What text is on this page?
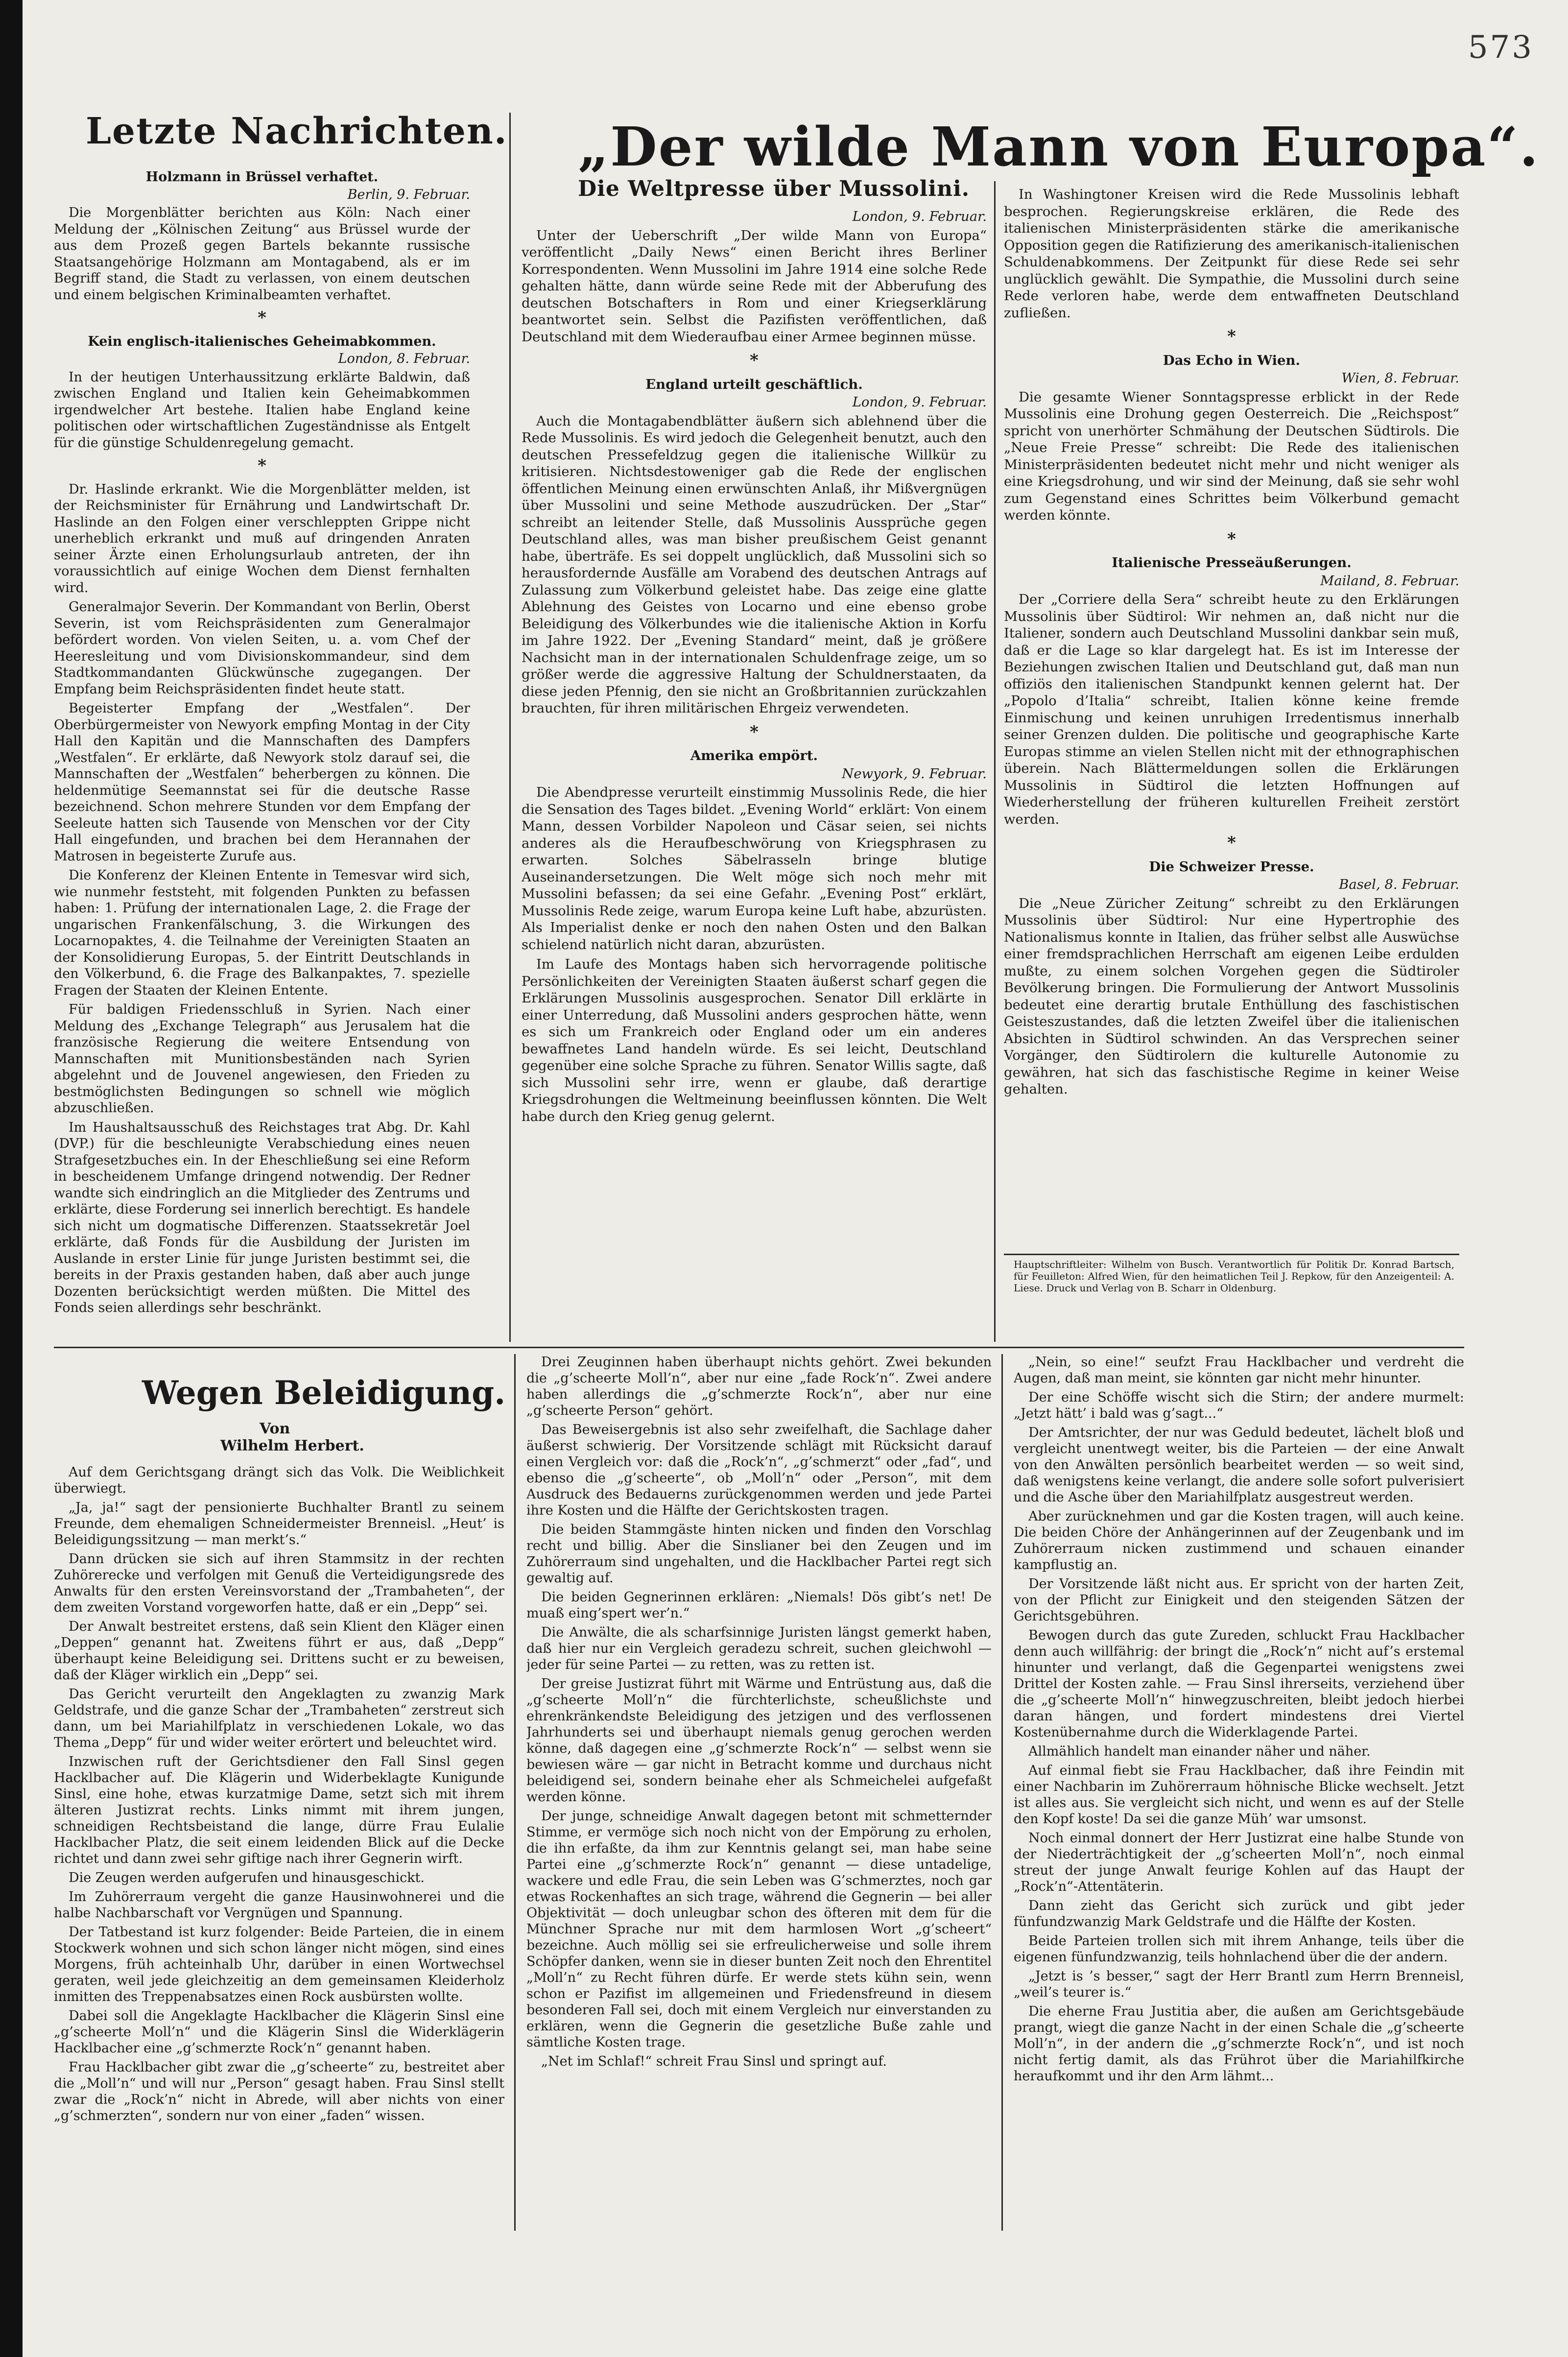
573
Letzte Nachrichten.
Holzmann in Brüssel verhaftet.
Berlin, 9. Februar.

Die Morgenblätter berichten aus Köln: Nach einer Meldung der „Kölnischen Zeitung“ aus Brüssel wurde der aus dem Prozeß gegen Bartels bekannte russische Staatsangehörige Holzmann am Montagabend, als er im Begriff stand, die Stadt zu verlassen, von einem deutschen und einem belgischen Kriminalbeamten verhaftet.

*
Kein englisch-italienisches Geheimabkommen.
London, 8. Februar.

In der heutigen Unterhaussitzung erklärte Baldwin, daß zwischen England und Italien kein Geheimabkommen irgendwelcher Art bestehe. Italien habe England keine politischen oder wirtschaftlichen Zugeständnisse als Entgelt für die günstige Schuldenregelung gemacht.

*

Dr. Haslinde erkrankt. Wie die Morgenblätter melden, ist der Reichsminister für Ernährung und Landwirtschaft Dr. Haslinde an den Folgen einer verschleppten Grippe nicht unerheblich erkrankt und muß auf dringenden Anraten seiner Ärzte einen Erholungsurlaub antreten, der ihn voraussichtlich auf einige Wochen dem Dienst fernhalten wird.

Generalmajor Severin. Der Kommandant von Berlin, Oberst Severin, ist vom Reichspräsidenten zum Generalmajor befördert worden. Von vielen Seiten, u. a. vom Chef der Heeresleitung und vom Divisionskommandeur, sind dem Stadtkommandanten Glückwünsche zugegangen. Der Empfang beim Reichspräsidenten findet heute statt.

Begeisterter Empfang der „Westfalen“. Der Oberbürgermeister von Newyork empfing Montag in der City Hall den Kapitän und die Mannschaften des Dampfers „Westfalen“. Er erklärte, daß Newyork stolz darauf sei, die Mannschaften der „Westfalen“ beherbergen zu können. Die heldenmütige Seemannstat sei für die deutsche Rasse bezeichnend. Schon mehrere Stunden vor dem Empfang der Seeleute hatten sich Tausende von Menschen vor der City Hall eingefunden, und brachen bei dem Herannahen der Matrosen in begeisterte Zurufe aus.

Die Konferenz der Kleinen Entente in Temesvar wird sich, wie nunmehr feststeht, mit folgenden Punkten zu befassen haben: 1. Prüfung der internationalen Lage, 2. die Frage der ungarischen Frankenfälschung, 3. die Wirkungen des Locarnopaktes, 4. die Teilnahme der Vereinigten Staaten an der Konsolidierung Europas, 5. der Eintritt Deutschlands in den Völkerbund, 6. die Frage des Balkanpaktes, 7. spezielle Fragen der Staaten der Kleinen Entente.

Für baldigen Friedensschluß in Syrien. Nach einer Meldung des „Exchange Telegraph“ aus Jerusalem hat die französische Regierung die weitere Entsendung von Mannschaften mit Munitionsbeständen nach Syrien abgelehnt und de Jouvenel angewiesen, den Frieden zu bestmöglichsten Bedingungen so schnell wie möglich abzuschließen.

Im Haushaltsausschuß des Reichstages trat Abg. Dr. Kahl (DVP.) für die beschleunigte Verabschiedung eines neuen Strafgesetzbuches ein. In der Eheschließung sei eine Reform in bescheidenem Umfange dringend notwendig. Der Redner wandte sich eindringlich an die Mitglieder des Zentrums und erklärte, diese Forderung sei innerlich berechtigt. Es handele sich nicht um dogmatische Differenzen. Staatssekretär Joel erklärte, daß Fonds für die Ausbildung der Juristen im Auslande in erster Linie für junge Juristen bestimmt sei, die bereits in der Praxis gestanden haben, daß aber auch junge Dozenten berücksichtigt werden müßten. Die Mittel des Fonds seien allerdings sehr beschränkt.

„Der wilde Mann von Europa“.
Die Weltpresse über Mussolini.
London, 9. Februar.

Unter der Ueberschrift „Der wilde Mann von Europa“ veröffentlicht „Daily News“ einen Bericht ihres Berliner Korrespondenten. Wenn Mussolini im Jahre 1914 eine solche Rede gehalten hätte, dann würde seine Rede mit der Abberufung des deutschen Botschafters in Rom und einer Kriegserklärung beantwortet sein. Selbst die Pazifisten veröffentlichen, daß Deutschland mit dem Wiederaufbau einer Armee beginnen müsse.

*
England urteilt geschäftlich.
London, 9. Februar.

Auch die Montagabendblätter äußern sich ablehnend über die Rede Mussolinis. Es wird jedoch die Gelegenheit benutzt, auch den deutschen Pressefeldzug gegen die italienische Willkür zu kritisieren. Nichtsdestoweniger gab die Rede der englischen öffentlichen Meinung einen erwünschten Anlaß, ihr Mißvergnügen über Mussolini und seine Methode auszudrücken. Der „Star“ schreibt an leitender Stelle, daß Mussolinis Aussprüche gegen Deutschland alles, was man bisher preußischem Geist genannt habe, überträfe. Es sei doppelt unglücklich, daß Mussolini sich so herausfordernde Ausfälle am Vorabend des deutschen Antrags auf Zulassung zum Völkerbund geleistet habe. Das zeige eine glatte Ablehnung des Geistes von Locarno und eine ebenso grobe Beleidigung des Völkerbundes wie die italienische Aktion in Korfu im Jahre 1922. Der „Evening Standard“ meint, daß je größere Nachsicht man in der internationalen Schuldenfrage zeige, um so größer werde die aggressive Haltung der Schuldnerstaaten, da diese jeden Pfennig, den sie nicht an Großbritannien zurückzahlen brauchten, für ihren militärischen Ehrgeiz verwendeten.

*
Amerika empört.
Newyork, 9. Februar.

Die Abendpresse verurteilt einstimmig Mussolinis Rede, die hier die Sensation des Tages bildet. „Evening World“ erklärt: Von einem Mann, dessen Vorbilder Napoleon und Cäsar seien, sei nichts anderes als die Heraufbeschwörung von Kriegsphrasen zu erwarten. Solches Säbelrasseln bringe blutige Auseinandersetzungen. Die Welt möge sich noch mehr mit Mussolini befassen; da sei eine Gefahr. „Evening Post“ erklärt, Mussolinis Rede zeige, warum Europa keine Luft habe, abzurüsten. Als Imperialist denke er noch den nahen Osten und den Balkan schielend natürlich nicht daran, abzurüsten.

Im Laufe des Montags haben sich hervorragende politische Persönlichkeiten der Vereinigten Staaten äußerst scharf gegen die Erklärungen Mussolinis ausgesprochen. Senator Dill erklärte in einer Unterredung, daß Mussolini anders gesprochen hätte, wenn es sich um Frankreich oder England oder um ein anderes bewaffnetes Land handeln würde. Es sei leicht, Deutschland gegenüber eine solche Sprache zu führen. Senator Willis sagte, daß sich Mussolini sehr irre, wenn er glaube, daß derartige Kriegsdrohungen die Weltmeinung beeinflussen könnten. Die Welt habe durch den Krieg genug gelernt.

In Washingtoner Kreisen wird die Rede Mussolinis lebhaft besprochen. Regierungskreise erklären, die Rede des italienischen Ministerpräsidenten stärke die amerikanische Opposition gegen die Ratifizierung des amerikanisch-italienischen Schuldenabkommens. Der Zeitpunkt für diese Rede sei sehr unglücklich gewählt. Die Sympathie, die Mussolini durch seine Rede verloren habe, werde dem entwaffneten Deutschland zufließen.

*
Das Echo in Wien.
Wien, 8. Februar.

Die gesamte Wiener Sonntagspresse erblickt in der Rede Mussolinis eine Drohung gegen Oesterreich. Die „Reichspost“ spricht von unerhörter Schmähung der Deutschen Südtirols. Die „Neue Freie Presse“ schreibt: Die Rede des italienischen Ministerpräsidenten bedeutet nicht mehr und nicht weniger als eine Kriegsdrohung, und wir sind der Meinung, daß sie sehr wohl zum Gegenstand eines Schrittes beim Völkerbund gemacht werden könnte.

*
Italienische Presseäußerungen.
Mailand, 8. Februar.

Der „Corriere della Sera“ schreibt heute zu den Erklärungen Mussolinis über Südtirol: Wir nehmen an, daß nicht nur die Italiener, sondern auch Deutschland Mussolini dankbar sein muß, daß er die Lage so klar dargelegt hat. Es ist im Interesse der Beziehungen zwischen Italien und Deutschland gut, daß man nun offiziös den italienischen Standpunkt kennen gelernt hat. Der „Popolo d’Italia“ schreibt, Italien könne keine fremde Einmischung und keinen unruhigen Irredentismus innerhalb seiner Grenzen dulden. Die politische und geographische Karte Europas stimme an vielen Stellen nicht mit der ethnographischen überein. Nach Blättermeldungen sollen die Erklärungen Mussolinis in Südtirol die letzten Hoffnungen auf Wiederherstellung der früheren kulturellen Freiheit zerstört werden.

*
Die Schweizer Presse.
Basel, 8. Februar.

Die „Neue Züricher Zeitung“ schreibt zu den Erklärungen Mussolinis über Südtirol: Nur eine Hypertrophie des Nationalismus konnte in Italien, das früher selbst alle Auswüchse einer fremdsprachlichen Herrschaft am eigenen Leibe erdulden mußte, zu einem solchen Vorgehen gegen die Südtiroler Bevölkerung bringen. Die Formulierung der Antwort Mussolinis bedeutet eine derartig brutale Enthüllung des faschistischen Geisteszustandes, daß die letzten Zweifel über die italienischen Absichten in Südtirol schwinden. An das Versprechen seiner Vorgänger, den Südtirolern die kulturelle Autonomie zu gewähren, hat sich das faschistische Regime in keiner Weise gehalten.

Hauptschriftleiter: Wilhelm von Busch. Verantwortlich für Politik Dr. Konrad Bartsch, für Feuilleton: Alfred Wien, für den heimatlichen Teil J. Repkow, für den Anzeigenteil: A. Liese. Druck und Verlag von B. Scharr in Oldenburg.
Wegen Beleidigung.
Von
Wilhelm Herbert.

Auf dem Gerichtsgang drängt sich das Volk. Die Weiblichkeit überwiegt.

„Ja, ja!“ sagt der pensionierte Buchhalter Brantl zu seinem Freunde, dem ehemaligen Schneidermeister Brenneisl. „Heut’ is Beleidigungssitzung — man merkt’s.“

Dann drücken sie sich auf ihren Stammsitz in der rechten Zuhörerecke und verfolgen mit Genuß die Verteidigungsrede des Anwalts für den ersten Vereinsvorstand der „Trambaheten“, der dem zweiten Vorstand vorgeworfen hatte, daß er ein „Depp“ sei.

Der Anwalt bestreitet erstens, daß sein Klient den Kläger einen „Deppen“ genannt hat. Zweitens führt er aus, daß „Depp“ überhaupt keine Beleidigung sei. Drittens sucht er zu beweisen, daß der Kläger wirklich ein „Depp“ sei.

Das Gericht verurteilt den Angeklagten zu zwanzig Mark Geldstrafe, und die ganze Schar der „Trambaheten“ zerstreut sich dann, um bei Mariahilfplatz in verschiedenen Lokale, wo das Thema „Depp“ für und wider weiter erörtert und beleuchtet wird.

Inzwischen ruft der Gerichtsdiener den Fall Sinsl gegen Hacklbacher auf. Die Klägerin und Widerbeklagte Kunigunde Sinsl, eine hohe, etwas kurzatmige Dame, setzt sich mit ihrem älteren Justizrat rechts. Links nimmt mit ihrem jungen, schneidigen Rechtsbeistand die lange, dürre Frau Eulalie Hacklbacher Platz, die seit einem leidenden Blick auf die Decke richtet und dann zwei sehr giftige nach ihrer Gegnerin wirft.

Die Zeugen werden aufgerufen und hinausgeschickt.

Im Zuhörerraum vergeht die ganze Hausinwohnerei und die halbe Nachbarschaft vor Vergnügen und Spannung.

Der Tatbestand ist kurz folgender: Beide Parteien, die in einem Stockwerk wohnen und sich schon länger nicht mögen, sind eines Morgens, früh achteinhalb Uhr, darüber in einen Wortwechsel geraten, weil jede gleichzeitig an dem gemeinsamen Kleiderholz inmitten des Treppenabsatzes einen Rock ausbürsten wollte.

Dabei soll die Angeklagte Hacklbacher die Klägerin Sinsl eine „g’scheerte Moll’n“ und die Klägerin Sinsl die Widerklägerin Hacklbacher eine „g’schmerzte Rock’n“ genannt haben.

Frau Hacklbacher gibt zwar die „g’scheerte“ zu, bestreitet aber die „Moll’n“ und will nur „Person“ gesagt haben. Frau Sinsl stellt zwar die „Rock’n“ nicht in Abrede, will aber nichts von einer „g’schmerzten“, sondern nur von einer „faden“ wissen.

Drei Zeuginnen haben überhaupt nichts gehört. Zwei bekunden die „g’scheerte Moll’n“, aber nur eine „fade Rock’n“. Zwei andere haben allerdings die „g’schmerzte Rock’n“, aber nur eine „g’scheerte Person“ gehört.

Das Beweisergebnis ist also sehr zweifelhaft, die Sachlage daher äußerst schwierig. Der Vorsitzende schlägt mit Rücksicht darauf einen Vergleich vor: daß die „Rock’n“, „g’schmerzt“ oder „fad“, und ebenso die „g’scheerte“, ob „Moll’n“ oder „Person“, mit dem Ausdruck des Bedauerns zurückgenommen werden und jede Partei ihre Kosten und die Hälfte der Gerichtskosten tragen.

Die beiden Stammgäste hinten nicken und finden den Vorschlag recht und billig. Aber die Sinslianer bei den Zeugen und im Zuhörerraum sind ungehalten, und die Hacklbacher Partei regt sich gewaltig auf.

Die beiden Gegnerinnen erklären: „Niemals! Dös gibt’s net! De muaß eing’spert wer’n.“

Die Anwälte, die als scharfsinnige Juristen längst gemerkt haben, daß hier nur ein Vergleich geradezu schreit, suchen gleichwohl — jeder für seine Partei — zu retten, was zu retten ist.

Der greise Justizrat führt mit Wärme und Entrüstung aus, daß die „g’scheerte Moll’n“ die fürchterlichste, scheußlichste und ehrenkränkendste Beleidigung des jetzigen und des verflossenen Jahrhunderts sei und überhaupt niemals genug gerochen werden könne, daß dagegen eine „g’schmerzte Rock’n“ — selbst wenn sie bewiesen wäre — gar nicht in Betracht komme und durchaus nicht beleidigend sei, sondern beinahe eher als Schmeichelei aufgefaßt werden könne.

Der junge, schneidige Anwalt dagegen betont mit schmetternder Stimme, er vermöge sich noch nicht von der Empörung zu erholen, die ihn erfaßte, da ihm zur Kenntnis gelangt sei, man habe seine Partei eine „g’schmerzte Rock’n“ genannt — diese untadelige, wackere und edle Frau, die sein Leben was G’schmerztes, noch gar etwas Rockenhaftes an sich trage, während die Gegnerin — bei aller Objektivität — doch unleugbar schon des öfteren mit dem für die Münchner Sprache nur mit dem harmlosen Wort „g’scheert“ bezeichne. Auch möllig sei sie erfreulicherweise und solle ihrem Schöpfer danken, wenn sie in dieser bunten Zeit noch den Ehrentitel „Moll’n“ zu Recht führen dürfe. Er werde stets kühn sein, wenn schon er Pazifist im allgemeinen und Friedensfreund in diesem besonderen Fall sei, doch mit einem Vergleich nur einverstanden zu erklären, wenn die Gegnerin die gesetzliche Buße zahle und sämtliche Kosten trage.

„Net im Schlaf!“ schreit Frau Sinsl und springt auf.

„Nein, so eine!“ seufzt Frau Hacklbacher und verdreht die Augen, daß man meint, sie könnten gar nicht mehr hinunter.

Der eine Schöffe wischt sich die Stirn; der andere murmelt: „Jetzt hätt’ i bald was g’sagt...“

Der Amtsrichter, der nur was Geduld bedeutet, lächelt bloß und vergleicht unentwegt weiter, bis die Parteien — der eine Anwalt von den Anwälten persönlich bearbeitet werden — so weit sind, daß wenigstens keine verlangt, die andere solle sofort pulverisiert und die Asche über den Mariahilfplatz ausgestreut werden.

Aber zurücknehmen und gar die Kosten tragen, will auch keine. Die beiden Chöre der Anhängerinnen auf der Zeugenbank und im Zuhörerraum nicken zustimmend und schauen einander kampflustig an.

Der Vorsitzende läßt nicht aus. Er spricht von der harten Zeit, von der Pflicht zur Einigkeit und den steigenden Sätzen der Gerichtsgebühren.

Bewogen durch das gute Zureden, schluckt Frau Hacklbacher denn auch willfährig: der bringt die „Rock’n“ nicht auf’s erstemal hinunter und verlangt, daß die Gegenpartei wenigstens zwei Drittel der Kosten zahle. — Frau Sinsl ihrerseits, verziehend über die „g’scheerte Moll’n“ hinwegzuschreiten, bleibt jedoch hierbei daran hängen, und fordert mindestens drei Viertel Kostenübernahme durch die Widerklagende Partei.

Allmählich handelt man einander näher und näher.

Auf einmal fiebt sie Frau Hacklbacher, daß ihre Feindin mit einer Nachbarin im Zuhörerraum höhnische Blicke wechselt. Jetzt ist alles aus. Sie vergleicht sich nicht, und wenn es auf der Stelle den Kopf koste! Da sei die ganze Müh’ war umsonst.

Noch einmal donnert der Herr Justizrat eine halbe Stunde von der Niederträchtigkeit der „g’scheerten Moll’n“, noch einmal streut der junge Anwalt feurige Kohlen auf das Haupt der „Rock’n“-Attentäterin.

Dann zieht das Gericht sich zurück und gibt jeder fünfundzwanzig Mark Geldstrafe und die Hälfte der Kosten.

Beide Parteien trollen sich mit ihrem Anhange, teils über die eigenen fünfundzwanzig, teils hohnlachend über die der andern.

„Jetzt is ’s besser,“ sagt der Herr Brantl zum Herrn Brenneisl, „weil’s teurer is.“

Die eherne Frau Justitia aber, die außen am Gerichtsgebäude prangt, wiegt die ganze Nacht in der einen Schale die „g’scheerte Moll’n“, in der andern die „g’schmerzte Rock’n“, und ist noch nicht fertig damit, als das Frührot über die Mariahilfkirche heraufkommt und ihr den Arm lähmt...
